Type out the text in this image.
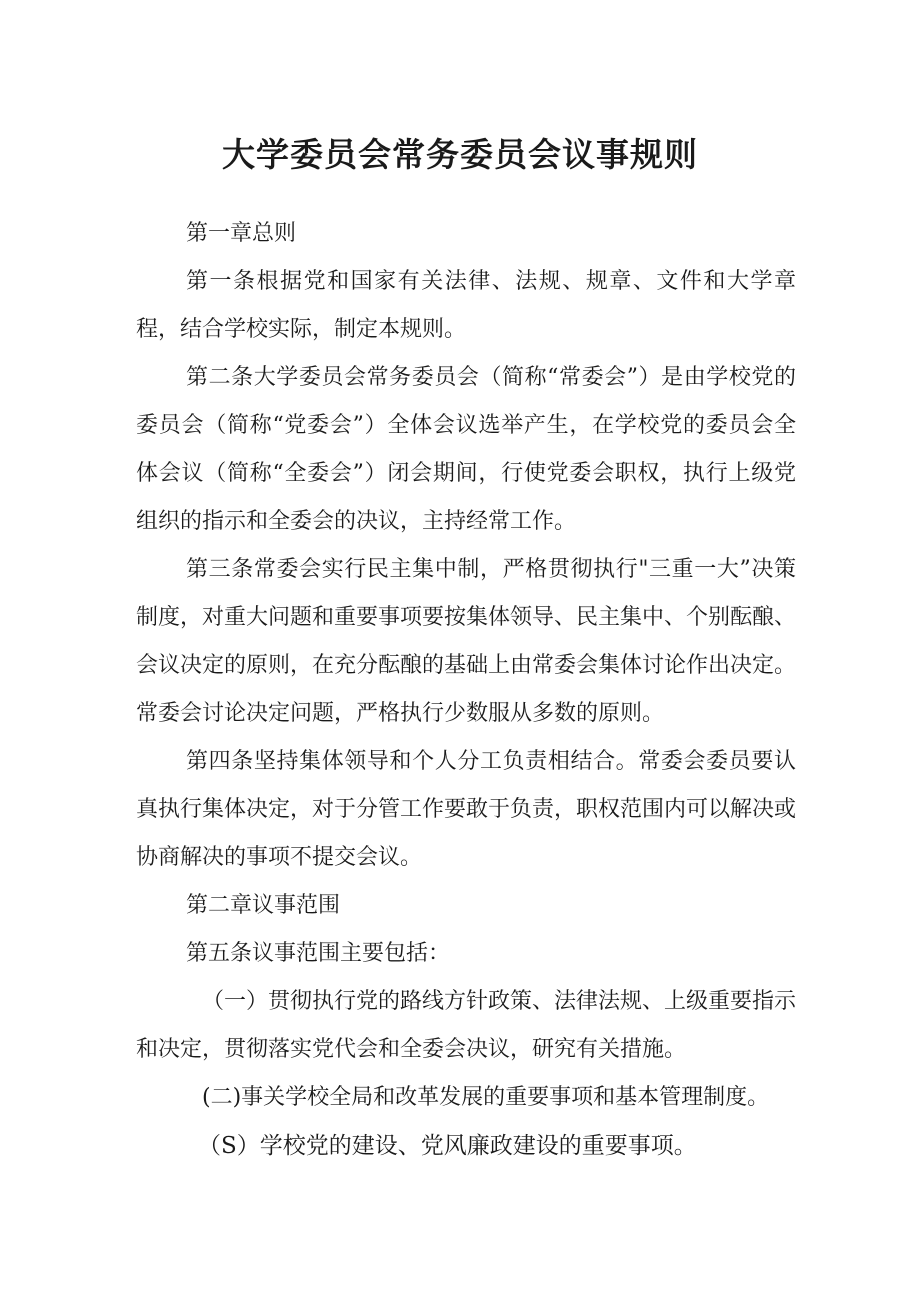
大学委员会常务委员会议事规则

第一章总则

第一条根据党和国家有关法律、法规、规章、文件和大学章程，结合学校实际，制定本规则。

第二条大学委员会常务委员会（简称“常委会”）是由学校党的委员会（简称“党委会”）全体会议选举产生，在学校党的委员会全体会议（简称“全委会”）闭会期间，行使党委会职权，执行上级党组织的指示和全委会的决议，主持经常工作。

第三条常委会实行民主集中制，严格贯彻执行"三重一大”决策制度，对重大问题和重要事项要按集体领导、民主集中、个别酝酿、会议决定的原则，在充分酝酿的基础上由常委会集体讨论作出决定。常委会讨论决定问题，严格执行少数服从多数的原则。

第四条坚持集体领导和个人分工负责相结合。常委会委员要认真执行集体决定，对于分管工作要敢于负责，职权范围内可以解决或协商解决的事项不提交会议。

第二章议事范围

第五条议事范围主要包括：

（一）贯彻执行党的路线方针政策、法律法规、上级重要指示和决定，贯彻落实党代会和全委会决议，研究有关措施。

(二)事关学校全局和改革发展的重要事项和基本管理制度。

（S）学校党的建设、党风廉政建设的重要事项。
